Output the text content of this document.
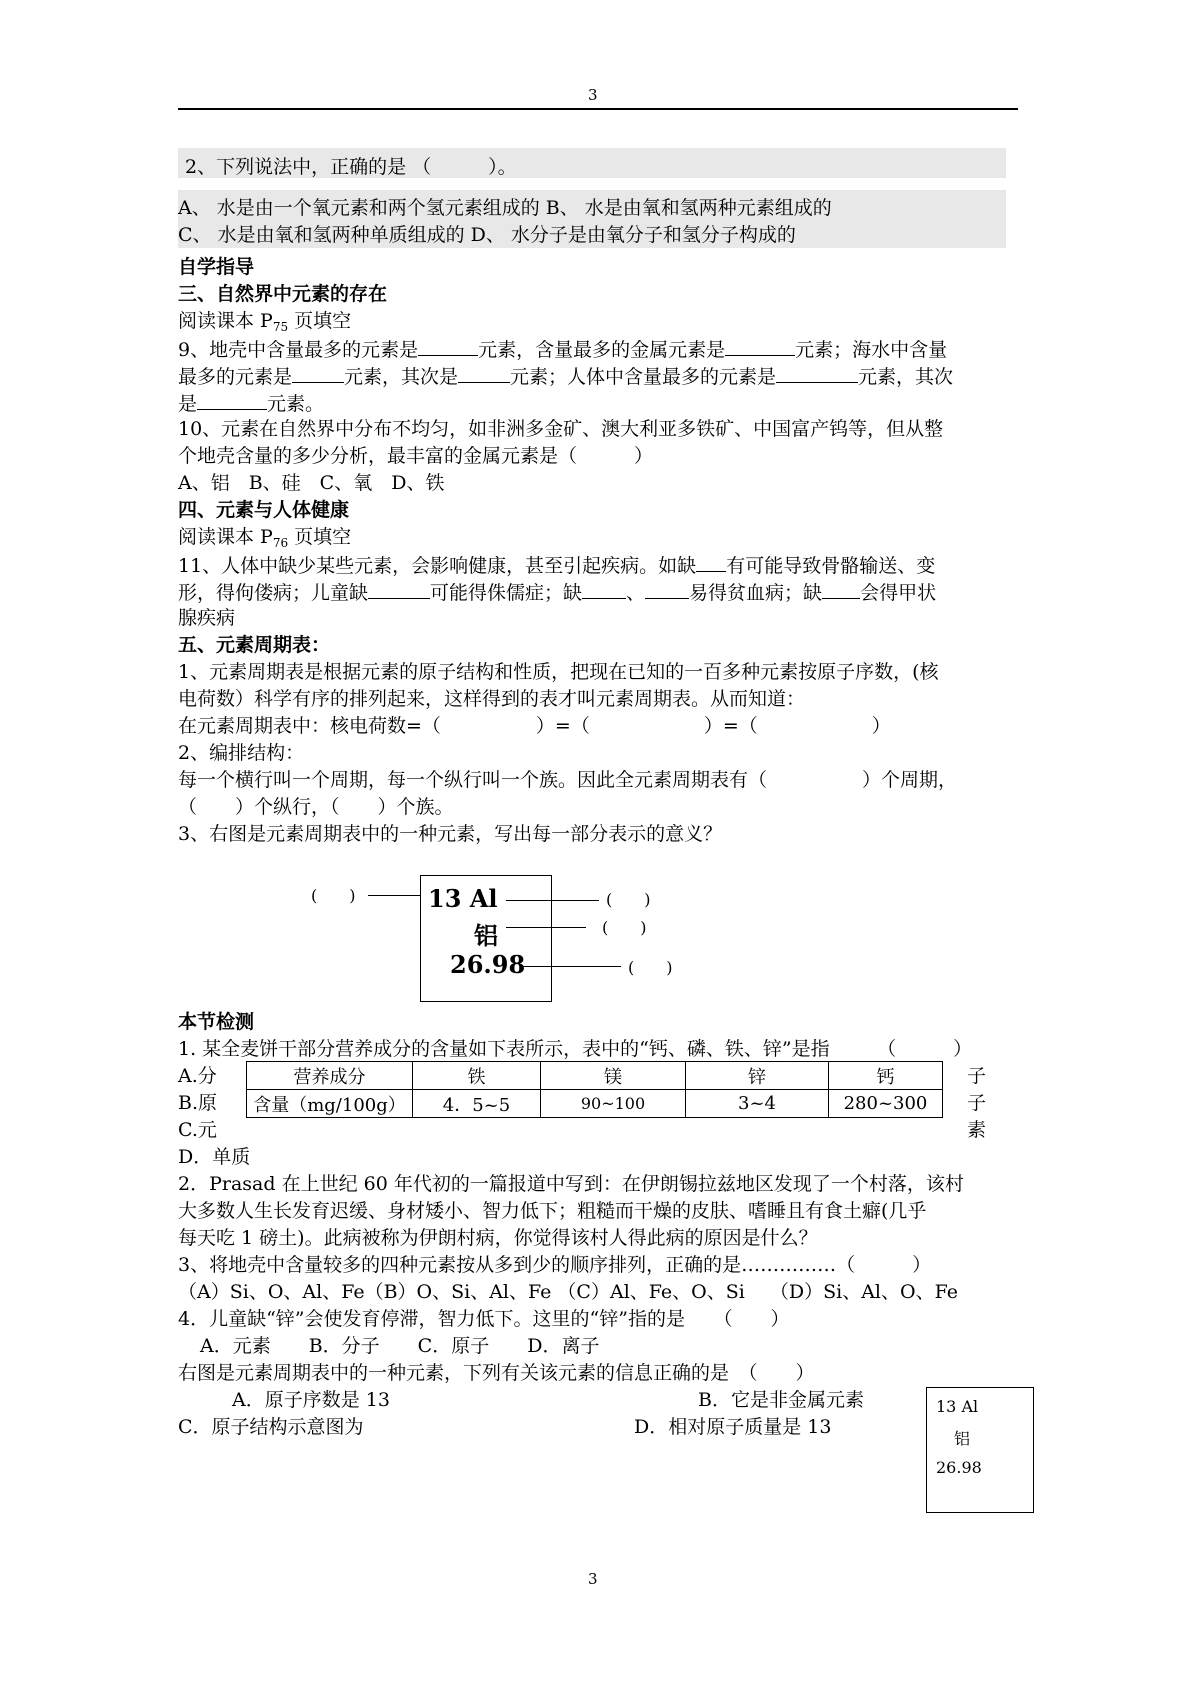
3
2、下列说法中，正确的是 （　　　）。
A、 水是由一个氧元素和两个氢元素组成的 B、 水是由氧和氢两种元素组成的
C、 水是由氧和氢两种单质组成的 D、 水分子是由氧分子和氢分子构成的
自学指导
三、自然界中元素的存在
阅读课本 $P_{75}$ 页填空
9、地壳中含量最多的元素是	元素，含量最多的金属元素是	元素；海水中含量
最多的元素是	元素，其次是	元素；人体中含量最多的元素是	元素，其次
是	元素。
10、元素在自然界中分布不均匀，如非洲多金矿、澳大利亚多铁矿、中国富产钨等，但从整
个地壳含量的多少分析，最丰富的金属元素是（　　　）
A、铝　B、硅　C、氧　D、铁
四、元素与人体健康
阅读课本 $P_{76}$ 页填空
11、人体中缺少某些元素，会影响健康，甚至引起疾病。如缺 有可能导致骨骼输送、变
形，得佝偻病；儿童缺	可能得侏儒症；缺 、 易得贫血病；缺 会得甲状
腺疾病
五、元素周期表：
1、元素周期表是根据元素的原子结构和性质，把现在已知的一百多种元素按原子序数，(核
电荷数）科学有序的排列起来，这样得到的表才叫元素周期表。从而知道：
在元素周期表中：核电荷数=（　　　　　）=（　　　　　　）=（　　　　　　）
2、编排结构：
每一个横行叫一个周期，每一个纵行叫一个族。因此全元素周期表有（　　　　　）个周期，
（　　）个纵行，（　　）个族。
3、右图是元素周期表中的一种元素，写出每一部分表示的意义？
13 Al
铝
26.98
(　　)	(　　)
(　　)
(　　)
本节检测
1. 某全麦饼干部分营养成分的含量如下表所示，表中的“钙、磷、铁、锌”是指　　　（　　　）
A.分
B.原
C.元
D．单质
子
子
素
营养成分	铁	镁	锌	钙
含量（mg/100g）	4．5~5	90~100	3~4	280~300
2．Prasad 在上世纪 60 年代初的一篇报道中写到：在伊朗锡拉兹地区发现了一个村落，该村
大多数人生长发育迟缓、身材矮小、智力低下；粗糙而干燥的皮肤、嗜睡且有食土癖(几乎
每天吃 1 磅土)。此病被称为伊朗村病，你觉得该村人得此病的原因是什么？
3、将地壳中含量较多的四种元素按从多到少的顺序排列，正确的是……………（　　　）
（A）Si、O、Al、Fe（B）O、Si、Al、Fe （C）Al、Fe、O、Si　 （D）Si、Al、O、Fe
4．儿童缺“锌”会使发育停滞，智力低下。这里的“锌”指的是　　（　　）
A．元素　　B．分子　　C．原子　　D．离子
右图是元素周期表中的一种元素，下列有关该元素的信息正确的是　（　　）
A．原子序数是 13	B．它是非金属元素
C．原子结构示意图为	D．相对原子质量是 13
13 Al
铝
26.98
3
